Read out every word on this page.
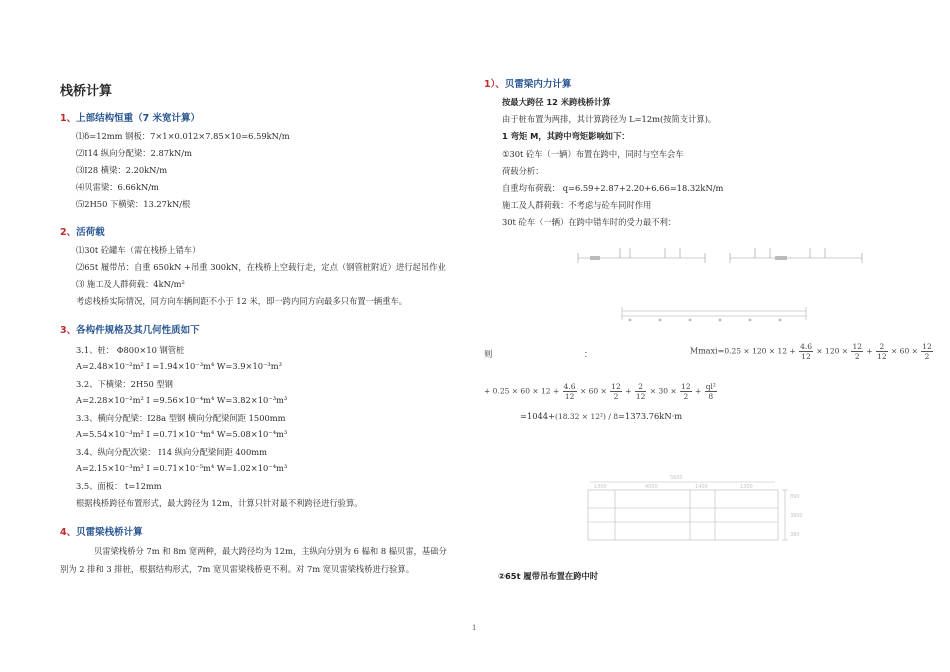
栈桥计算
1、上部结构恒重（7 米宽计算）
⑴δ=12mm 钢板：7×1×0.012×7.85×10=6.59kN/m
⑵I14 纵向分配梁：2.87kN/m
⑶I28 横梁：2.20kN/m
⑷贝雷梁：6.66kN/m
⑸2H50 下横梁：13.27kN/根
2、活荷载
⑴30t 砼罐车（需在栈桥上错车）
⑵65t 履带吊：自重 650kN +吊重 300kN，在栈桥上空载行走，定点（钢管桩附近）进行起吊作业
⑶ 施工及人群荷载：4kN/m²
考虑栈桥实际情况，同方向车辆间距不小于 12 米，即一跨内同方向最多只布置一辆重车。
3、各构件规格及其几何性质如下
3.1、桩： Φ800×10 钢管桩
A=2.48×10⁻²m² I =1.94×10⁻³m⁴ W=3.9×10⁻³m³
3.2、下横梁：2H50 型钢
A=2.28×10⁻²m² I =9.56×10⁻⁴m⁴ W=3.82×10⁻³m³
3.3、横向分配梁：I28a 型钢 横向分配梁间距 1500mm
A=5.54×10⁻³m² I =0.71×10⁻⁴m⁴ W=5.08×10⁻⁴m³
3.4、纵向分配次梁： I14 纵向分配梁间距 400mm
A=2.15×10⁻³m² I =0.71×10⁻⁵m⁴ W=1.02×10⁻⁴m³
3.5、面板： t=12mm
根据栈桥跨径布置形式，最大跨径为 12m，计算只针对最不利跨径进行验算。
4、贝雷梁栈桥计算
贝雷梁栈桥分 7m 和 8m 宽两种，最大跨径均为 12m，主纵向分别为 6 榀和 8 榀贝雷，基础分
别为 2 排和 3 排桩，根据结构形式，7m 宽贝雷梁栈桥更不利。对 7m 宽贝雷梁栈桥进行验算。
1）、贝雷梁内力计算
按最大跨径 12 米跨栈桥计算
由于桩布置为两排，其计算跨径为 L=12m(按简支计算)。
1 弯矩 M，其跨中弯矩影响如下：
①30t 砼车（一辆）布置在跨中，同时与空车会车
荷载分析：
自重均布荷载： q=6.59+2.87+2.20+6.66=18.32kN/m
施工及人群荷载：不考虑与砼车同时作用
30t 砼车（一辆）在跨中错车时的受力最不利：
则	：	$Mmaxi=0.25 \times 120 \times 12 + \frac{4.6}{12} \times 120 \times \frac{12}{2} + \frac{2}{12} \times 60 \times \frac{12}{2}$
+ $0.25 \times 60 \times 12 + \frac{4.6}{12} \times 60 \times \frac{12}{2} + \frac{2}{12} \times 30 \times \frac{12}{2} + \frac{\text{ql²}}{8}$
=1044+(18.32 × 12²) / 8=1373.76kN·m
5600
1300	4000	1400	1300
890
3900
380
②65t 履带吊布置在跨中时
1
